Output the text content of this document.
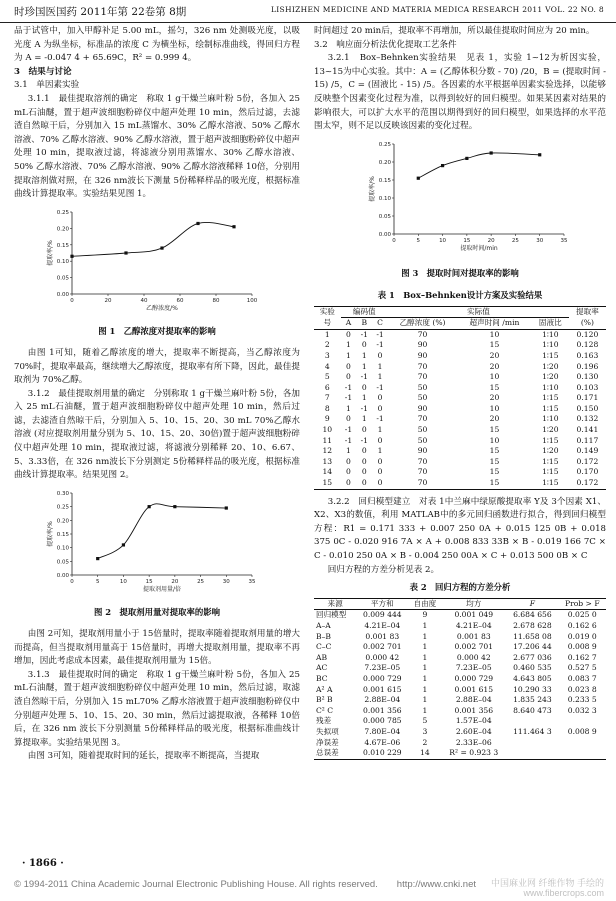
时珍国医国药 2011年第 22卷第 8期	LISHIZHEN MEDICINE AND MATERIA MEDICA RESEARCH 2011 VOL. 22 NO. 8

品于试管中，加入甲醇补足 5.00 mL，摇匀，326 nm 处测吸光度，以吸光度 A 为纵坐标，标准品的浓度 C 为横坐标，绘制标准曲线，得回归方程为 A = -0.047 4 + 65.69C，R² = 0.999 4。

3　结果与讨论

3.1　单因素实验

3.1.1　最佳提取溶剂的确定　称取 1 g干燥兰麻叶粉 5份，各加入 25 mL石油醚，置于超声波细胞粉碎仪中超声处理 10 min，然后过滤，去滤渣自然晾干后，分别加入 15 mL蒸馏水、30% 乙醇水溶液、50% 乙醇水溶液、70% 乙醇水溶液、90% 乙醇水溶液，置于超声波细胞粉碎仪中超声处理 10 min，提取液过滤，将滤液分别用蒸馏水、30% 乙醇水溶液、50% 乙醇水溶液、70% 乙醇水溶液、90% 乙醇水溶液稀释 10倍，分别用提取溶剂做对照，在 326 nm波长下测量 5份稀释样品的吸光度，根据标准曲线计算提取率。实验结果见图 1。

0.00
0.05
0.10
0.15
0.20
0.25
0	20	40	60	80	100
乙醇浓度/%
提取率/%
图 1　乙醇浓度对提取率的影响

由图 1可知，随着乙醇浓度的增大，提取率不断提高，当乙醇浓度为 70%时，提取率最高，继续增大乙醇浓度，提取率有所下降，因此，最佳提取剂为 70%乙醇。

3.1.2　最佳提取剂用量的确定　分别称取 1 g干燥兰麻叶粉 5份，各加入 25 mL石油醚，置于超声波细胞粉碎仪中超声处理 10 min，然后过滤，去滤渣自然晾干后，分别加入 5、10、15、20、30 mL 70%乙醇水溶液 (对应提取剂用量分别为 5、10、15、20、30倍)置于超声波细胞粉碎仪中超声处理 10 min，提取液过滤，将滤液分别稀释 20、10、6.67、5、3.33倍，在 326 nm波长下分别测定 5份稀释样品的吸光度，根据标准曲线计算提取率。结果见图 2。

0.00
0.05
0.10
0.15
0.20
0.25
0.30
0	5	10	15	20	25	30	35
提取剂用量/倍
提取率/%
图 2　提取剂用量对提取率的影响

由图 2可知，提取剂用量小于 15倍量时，提取率随着提取剂用量的增大而提高，但当提取剂用量高于 15倍量时，再增大提取剂用量，提取率不再增加，因此考虑成本因素，最佳提取剂用量为 15倍。

3.1.3　最佳提取时间的确定　称取 1 g干燥兰麻叶粉 5份，各加入 25 mL石油醚，置于超声波细胞粉碎仪中超声处理 10 min，然后过滤，取滤渣自然晾干后，分别加入 15 mL70% 乙醇水溶液置于超声波细胞粉碎仪中分别超声处理 5、10、15、20、30 min，然后过滤提取液，各稀释 10倍后，在 326 nm 波长下分别测量 5份稀释样品的吸光度，根据标准曲线计算提取率。实验结果见图 3。

由图 3可知，随着提取时间的延长，提取率不断提高，当提取

时间超过 20 min后，提取率不再增加，所以最佳提取时间应为 20 min。

3.2　响应面分析法优化提取工艺条件

3.2.1　Box–Behnken实验结果　见表 1，实验 1~12为析因实验，13~15为中心实验。其中：A = (乙醇体积分数 - 70) /20，B = (提取时间 - 15) /5，C = (固液比 - 15) /5。各因素的水平根据单因素实验选择，以能够反映整个因素变化过程为准，以得到较好的回归模型。如果某因素对结果的影响很大，可以扩大水平的范围以期得到好的回归模型，如果选择的水平范围太窄，则不足以反映该因素的变化过程。

0.00
0.05
0.10
0.15
0.20
0.25
0	5	10	15	20	25	30	35
提取时间/min
提取率/%
图 3　提取时间对提取率的影响
表 1　Box–Behnken设计方案及实验结果
实验	编码值			实际值			提取率
号	A	B	C	乙醇浓度 (%)	超声时间 /min	固液比	(%)
1	0	-1	-1	70	10	1∶10	0.120
2	1	0	-1	90	15	1∶10	0.128
3	1	1	0	90	20	1∶15	0.163
4	0	1	1	70	20	1∶20	0.196
5	0	-1	1	70	10	1∶20	0.130
6	-1	0	-1	50	15	1∶10	0.103
7	-1	1	0	50	20	1∶15	0.171
8	1	-1	0	90	10	1∶15	0.150
9	0	1	-1	70	20	1∶10	0.132
10	-1	0	1	50	15	1∶20	0.141
11	-1	-1	0	50	10	1∶15	0.117
12	1	0	1	90	15	1∶20	0.149
13	0	0	0	70	15	1∶15	0.172
14	0	0	0	70	15	1∶15	0.170
15	0	0	0	70	15	1∶15	0.172

3.2.2　回归模型建立　对表 1中兰麻中绿原酸提取率 Y及 3个因素 X1、X2、X3的数值，利用 MATLAB中的多元回归函数进行拟合，得到回归模型方程：R1 = 0.171 333 + 0.007 250 0A + 0.015 125 0B + 0.018 375 0C - 0.020 916 7A × A + 0.008 833 33B × B - 0.019 166 7C × C - 0.010 250 0A × B - 0.004 250 00A × C + 0.013 500 0B × C

回归方程的方差分析见表 2。

表 2　回归方程的方差分析
来源	平方和	自由度	均方	F	Prob > F
回归模型	0.009 444	9	0.001 049	6.684 656	0.025 0
A–A	4.21E–04	1	4.21E–04	2.678 628	0.162 6
B–B	0.001 83	1	0.001 83	11.658 08	0.019 0
C–C	0.002 701	1	0.002 701	17.206 44	0.008 9
AB	0.000 42	1	0.000 42	2.677 036	0.162 7
AC	7.23E–05	1	7.23E–05	0.460 535	0.527 5
BC	0.000 729	1	0.000 729	4.643 805	0.083 7
A² A	0.001 615	1	0.001 615	10.290 33	0.023 8
B² B	2.88E–04	1	2.88E–04	1.835 243	0.233 5
C² C	0.001 356	1	0.001 356	8.640 473	0.032 3
残差	0.000 785	5	1.57E–04		
失拟项	7.80E–04	3	2.60E–04	111.464 3	0.008 9
净误差	4.67E–06	2	2.33E–06		
总误差	0.010 229	14	R² = 0.923 3		
· 1866 ·
© 1994-2011 China Academic Journal Electronic Publishing House. All rights reserved.　　http://www.cnki.net 中国麻业网 纤维作物 手绘的
www.fibercrops.com
